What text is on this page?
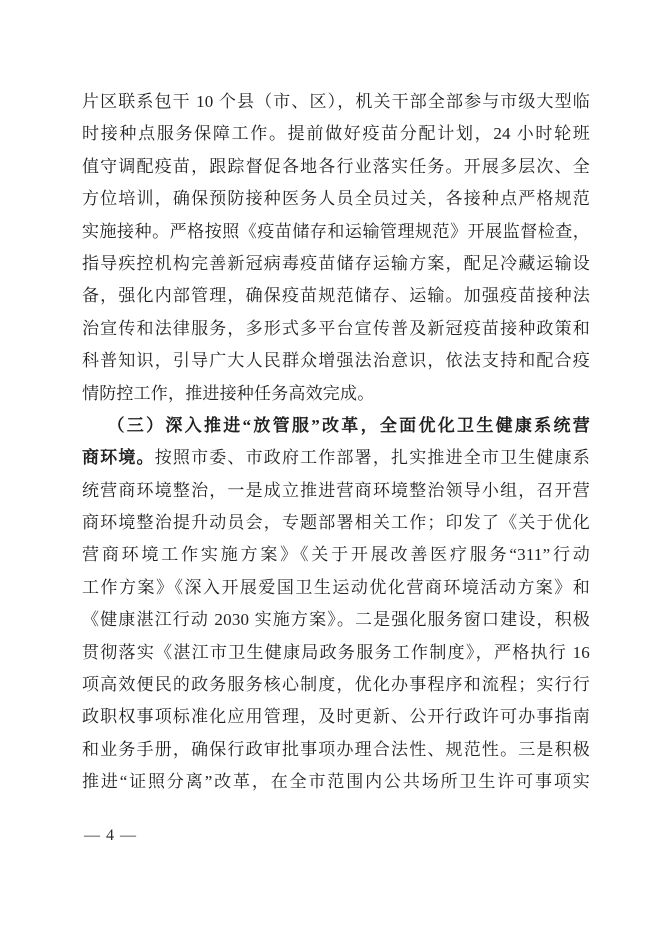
片区联系包干 10 个县（市、区），机关干部全部参与市级大型临
时接种点服务保障工作。提前做好疫苗分配计划，24 小时轮班
值守调配疫苗，跟踪督促各地各行业落实任务。开展多层次、全
方位培训，确保预防接种医务人员全员过关，各接种点严格规范
实施接种。严格按照《疫苗储存和运输管理规范》开展监督检查，
指导疾控机构完善新冠病毒疫苗储存运输方案，配足冷藏运输设
备，强化内部管理，确保疫苗规范储存、运输。加强疫苗接种法
治宣传和法律服务，多形式多平台宣传普及新冠疫苗接种政策和
科普知识，引导广大人民群众增强法治意识，依法支持和配合疫
情防控工作，推进接种任务高效完成。
（三）深入推进“放管服”改革，全面优化卫生健康系统营
商环境。按照市委、市政府工作部署，扎实推进全市卫生健康系
统营商环境整治，一是成立推进营商环境整治领导小组，召开营
商环境整治提升动员会，专题部署相关工作；印发了《关于优化
营商环境工作实施方案》《关于开展改善医疗服务“311”行动
工作方案》《深入开展爱国卫生运动优化营商环境活动方案》和
《健康湛江行动 2030 实施方案》。二是强化服务窗口建设，积极
贯彻落实《湛江市卫生健康局政务服务工作制度》，严格执行 16
项高效便民的政务服务核心制度，优化办事程序和流程；实行行
政职权事项标准化应用管理，及时更新、公开行政许可办事指南
和业务手册，确保行政审批事项办理合法性、规范性。三是积极
推进“证照分离”改革，在全市范围内公共场所卫生许可事项实
— 4 —
